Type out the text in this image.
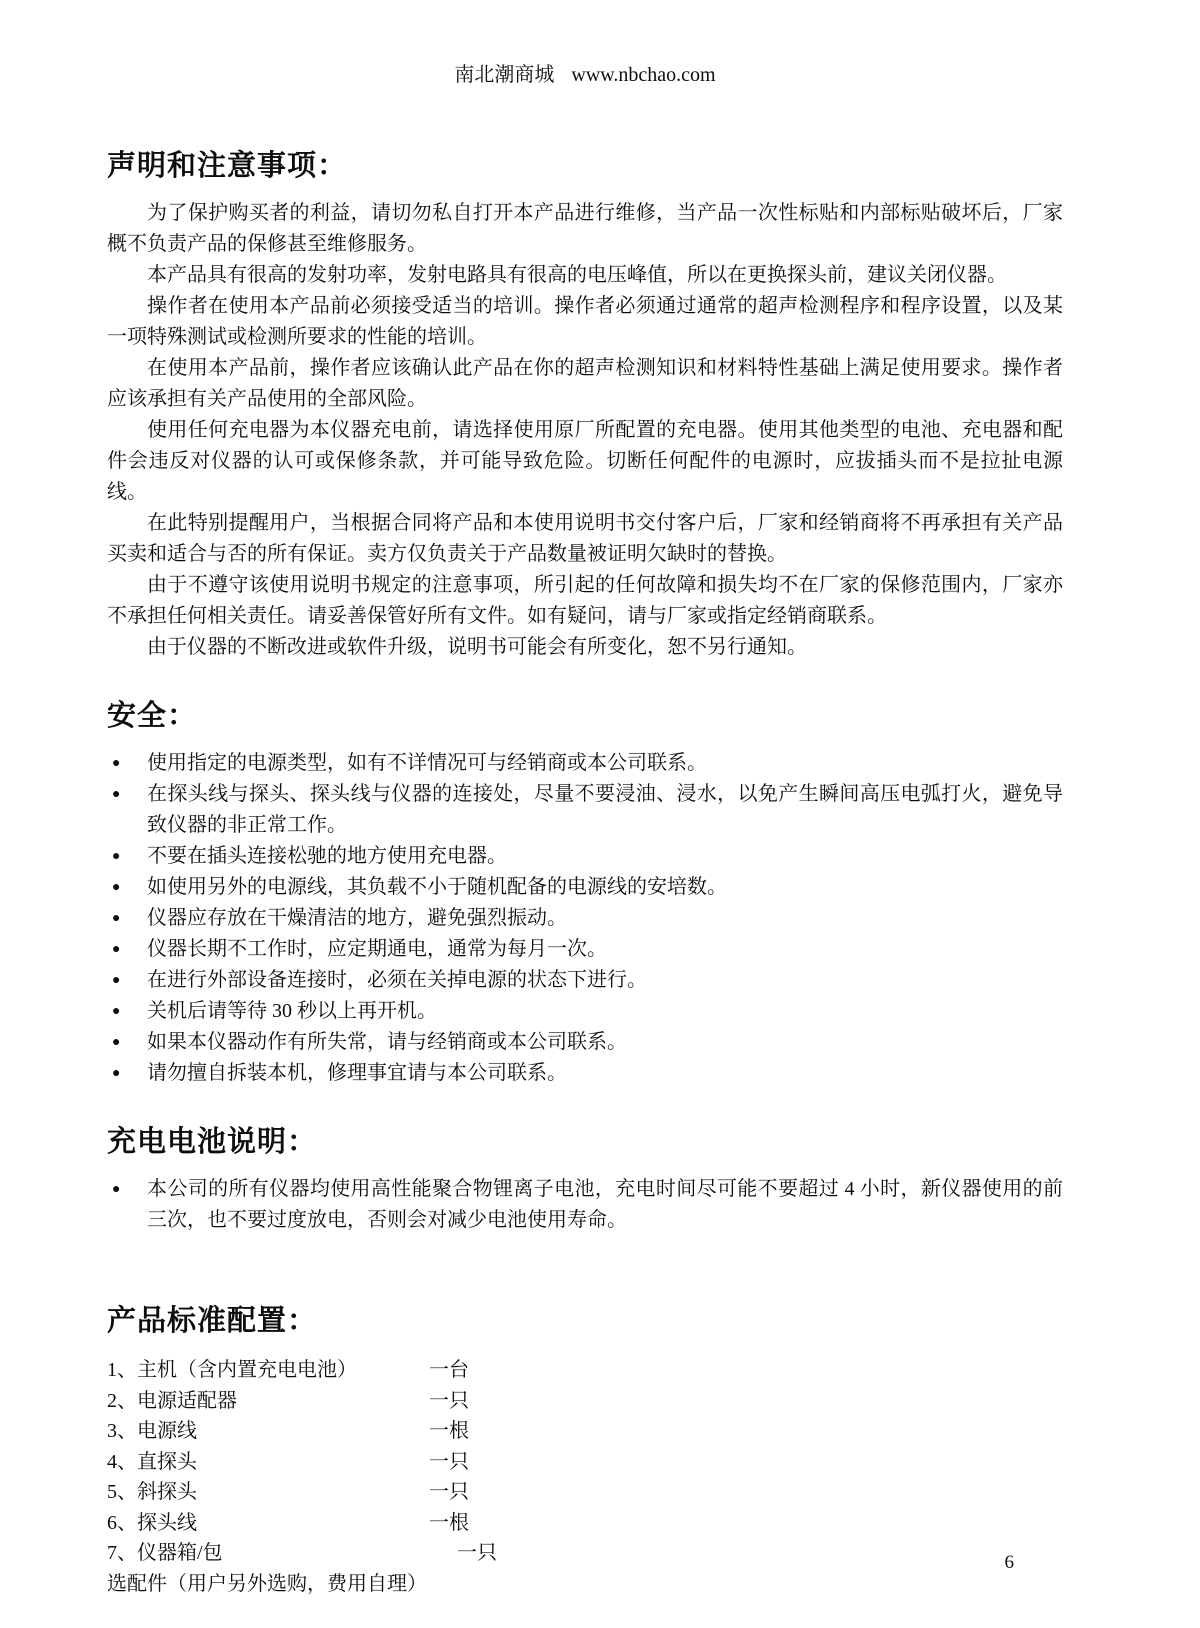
南北潮商城 www.nbchao.com
声明和注意事项：

为了保护购买者的利益，请切勿私自打开本产品进行维修，当产品一次性标贴和内部标贴破坏后，厂家概不负责产品的保修甚至维修服务。

本产品具有很高的发射功率，发射电路具有很高的电压峰值，所以在更换探头前，建议关闭仪器。

操作者在使用本产品前必须接受适当的培训。操作者必须通过通常的超声检测程序和程序设置，以及某一项特殊测试或检测所要求的性能的培训。

在使用本产品前，操作者应该确认此产品在你的超声检测知识和材料特性基础上满足使用要求。操作者应该承担有关产品使用的全部风险。

使用任何充电器为本仪器充电前，请选择使用原厂所配置的充电器。使用其他类型的电池、充电器和配件会违反对仪器的认可或保修条款，并可能导致危险。切断任何配件的电源时，应拔插头而不是拉扯电源线。

在此特别提醒用户，当根据合同将产品和本使用说明书交付客户后，厂家和经销商将不再承担有关产品买卖和适合与否的所有保证。卖方仅负责关于产品数量被证明欠缺时的替换。

由于不遵守该使用说明书规定的注意事项，所引起的任何故障和损失均不在厂家的保修范围内，厂家亦不承担任何相关责任。请妥善保管好所有文件。如有疑问，请与厂家或指定经销商联系。

由于仪器的不断改进或软件升级，说明书可能会有所变化，恕不另行通知。

安全：
●	使用指定的电源类型，如有不详情况可与经销商或本公司联系。
●	在探头线与探头、探头线与仪器的连接处，尽量不要浸油、浸水，以免产生瞬间高压电弧打火，避免导致仪器的非正常工作。
●	不要在插头连接松驰的地方使用充电器。
●	如使用另外的电源线，其负载不小于随机配备的电源线的安培数。
●	仪器应存放在干燥清洁的地方，避免强烈振动。
●	仪器长期不工作时，应定期通电，通常为每月一次。
●	在进行外部设备连接时，必须在关掉电源的状态下进行。
●	关机后请等待 30 秒以上再开机。
●	如果本仪器动作有所失常，请与经销商或本公司联系。
●	请勿擅自拆装本机，修理事宜请与本公司联系。
充电电池说明：
●	本公司的所有仪器均使用高性能聚合物锂离子电池，充电时间尽可能不要超过 4 小时，新仪器使用的前三次，也不要过度放电，否则会对减少电池使用寿命。
产品标准配置：
1、主机（含内置充电电池）	一台
2、电源适配器	一只
3、电源线	一根
4、直探头	一只
5、斜探头	一只
6、探头线	一根
7、仪器箱/包	一只
选配件（用户另外选购，费用自理）
6
